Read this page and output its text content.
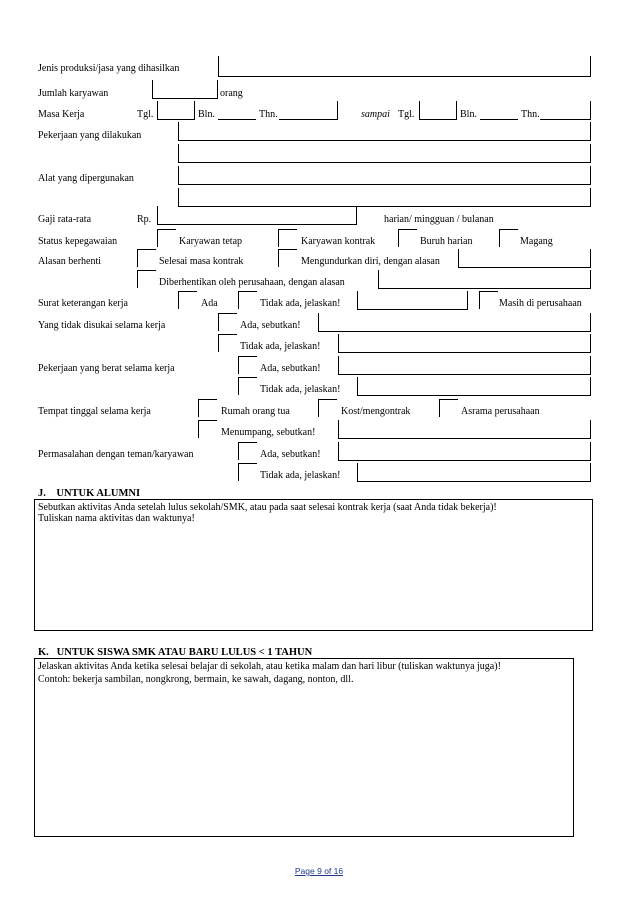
Jenis produksi/jasa yang dihasilkan
Jumlah karyawan	orang
Masa Kerja	Tgl.	Bln.	Thn.	sampai Tgl.	Bln.	Thn.
Pekerjaan yang dilakukan
Alat yang dipergunakan
Gaji rata-rata	Rp.	harian/ mingguan / bulanan
Status kepegawaian	Karyawan tetap	Karyawan kontrak	Buruh harian	Magang
Alasan berhenti	Selesai masa kontrak	Mengundurkan diri, dengan alasan
Diberhentikan oleh perusahaan, dengan alasan
Surat keterangan kerja	Ada	Tidak ada, jelaskan!	Masih di perusahaan
Yang tidak disukai selama kerja	Ada, sebutkan!
Tidak ada, jelaskan!
Pekerjaan yang berat selama kerja	Ada, sebutkan!
Tidak ada, jelaskan!
Tempat tinggal selama kerja	Rumah orang tua	Kost/mengontrak	Asrama perusahaan
Menumpang, sebutkan!
Permasalahan dengan teman/karyawan	Ada, sebutkan!
Tidak ada, jelaskan!
J.    UNTUK ALUMNI
Sebutkan aktivitas Anda setelah lulus sekolah/SMK, atau pada saat selesai kontrak kerja (saat Anda tidak bekerja)!
Tuliskan nama aktivitas dan waktunya!
K.   UNTUK SISWA SMK ATAU BARU LULUS < 1 TAHUN
Jelaskan aktivitas Anda ketika selesai belajar di sekolah, atau ketika malam dan hari libur (tuliskan waktunya juga)!
Contoh: bekerja sambilan, nongkrong, bermain, ke sawah, dagang, nonton, dll.
Page 9 of 16
